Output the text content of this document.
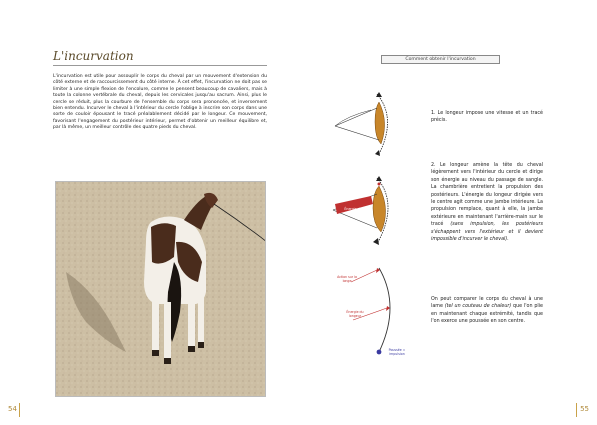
L'incurvation
L'incurvation est utile pour assouplir le corps du cheval par un mouvement d'extension du côté externe et de raccourcissement du côté interne. À cet effet, l'incurvation ne doit pas se limiter à une simple flexion de l'encolure, comme le pensent beaucoup de cavaliers, mais à toute la colonne vertébrale du cheval, depuis les cervicales jusqu'au sacrum. Ainsi, plus le cercle se réduit, plus la courbure de l'ensemble du corps sera prononcée, et inversement bien entendu. Incurver le cheval à l'intérieur du cercle l'oblige à inscrire son corps dans une sorte de couloir épousant le tracé préalablement décidé par le longeur. Ce mouvement, favorisant l'engagement du postérieur intérieur, permet d'obtenir un meilleur équilibre et, par là même, un meilleur contrôle des quatre pieds du cheval.
54
Comment obtenir l'incurvation
Énergie du longeur
Action sur la longe
Énergie du longeur
Poussée = impulsion
1. Le longeur impose une vitesse et un tracé précis.
2. Le longeur amène la tête du cheval légèrement vers l'intérieur du cercle et dirige son énergie au niveau du passage de sangle. La chambrière entretient la propulsion des postérieurs. L'énergie du longeur dirigée vers le centre agit comme une jambe intérieure. La propulsion remplace, quant à elle, la jambe extérieure en maintenant l'arrière-main sur le tracé (sans impulsion, les postérieurs s'échappent vers l'extérieur et il devient impossible d'incurver le cheval).
On peut comparer le corps du cheval à une lame (tel un couteau de chaleur) que l'on plie en maintenant chaque extrémité, tandis que l'on exerce une poussée en son centre.
55
